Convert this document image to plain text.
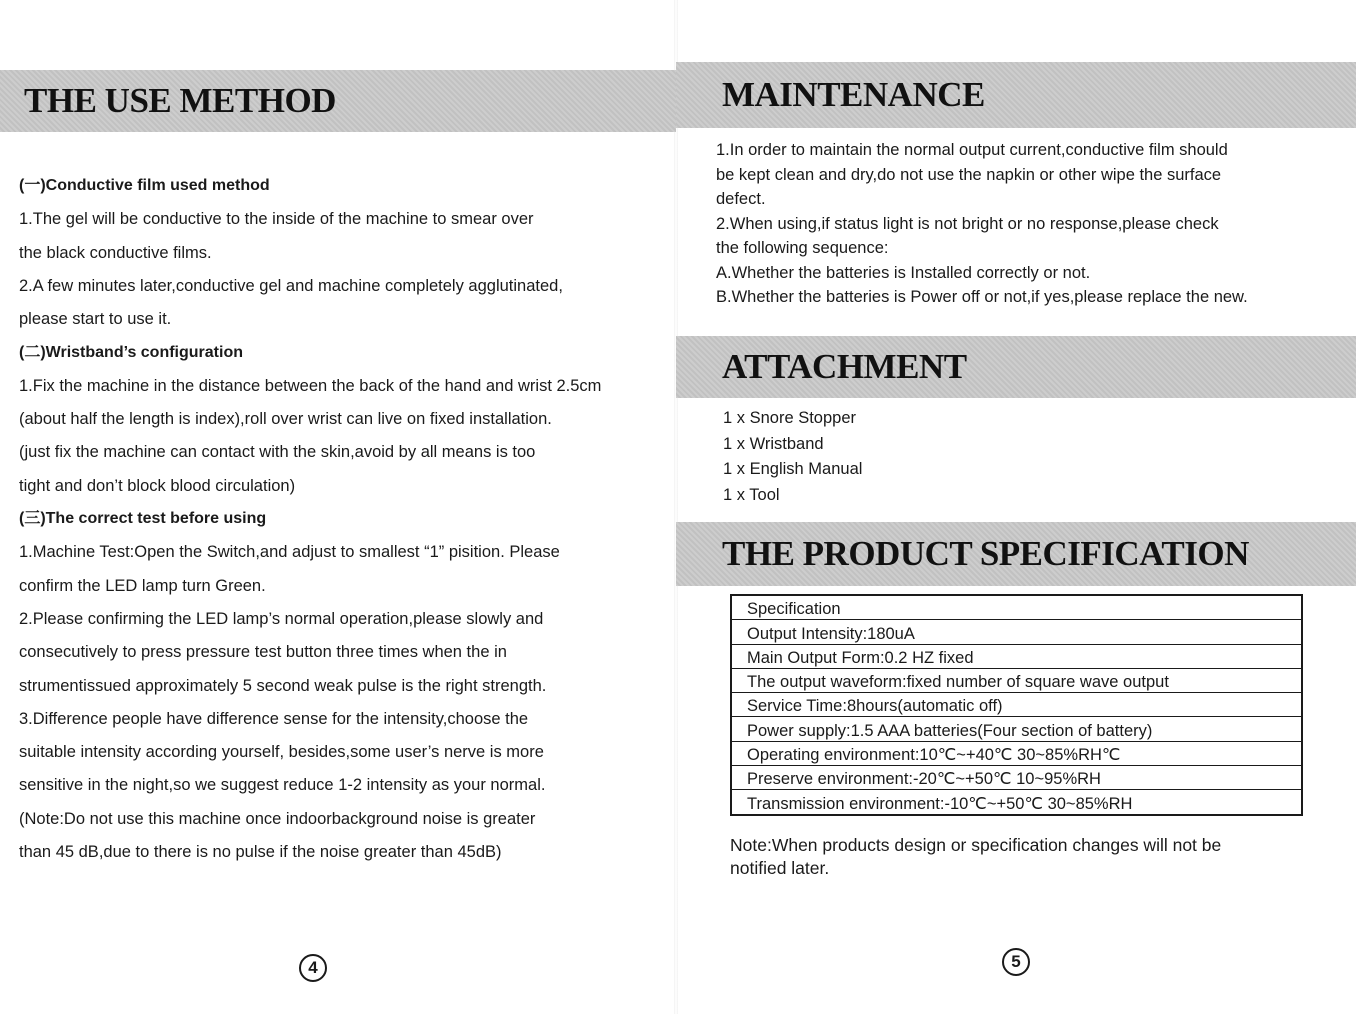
THE USE METHOD

(一)Conductive film used method

1.The gel will be conductive to the inside of the machine to smear over

the black conductive films.

2.A few minutes later,conductive gel and machine completely agglutinated,

please start to use it.

(二)Wristband’s configuration

1.Fix the machine in the distance between the back of the hand and wrist 2.5cm

(about half the length is index),roll over wrist can live on fixed installation.

(just fix the machine can contact with the skin,avoid by all means is too

tight and don’t block blood circulation)

(三)The correct test before using

1.Machine Test:Open the Switch,and adjust to smallest “1” pisition. Please

confirm the LED lamp turn Green.

2.Please confirming the LED lamp’s normal operation,please slowly and

consecutively to press pressure test button three times when the in

strumentissued approximately 5 second weak pulse is the right strength.

3.Difference people have difference sense for the intensity,choose the

suitable intensity according yourself, besides,some user’s nerve is more

sensitive in the night,so we suggest reduce 1-2 intensity as your normal.

(Note:Do not use this machine once indoorbackground noise is greater

than 45 dB,due to there is no pulse if the noise greater than 45dB)

4
MAINTENANCE

1.In order to maintain the normal output current,conductive film should

be kept clean and dry,do not use the napkin or other wipe the surface

defect.

2.When using,if status light is not bright or no response,please check

the following sequence:

A.Whether the batteries is Installed correctly or not.

B.Whether the batteries is Power off or not,if yes,please replace the new.

ATTACHMENT

1 x Snore Stopper

1 x Wristband

1 x English Manual

1 x Tool

THE PRODUCT SPECIFICATION
Specification
Output Intensity:180uA
Main Output Form:0.2 HZ fixed
The output waveform:fixed number of square wave output
Service Time:8hours(automatic off)
Power supply:1.5 AAA batteries(Four section of battery)
Operating environment:10℃~+40℃ 30~85%RH℃
Preserve environment:-20℃~+50℃ 10~95%RH
Transmission environment:-10℃~+50℃ 30~85%RH

Note:When products design or specification changes will not be

notified later.

5
